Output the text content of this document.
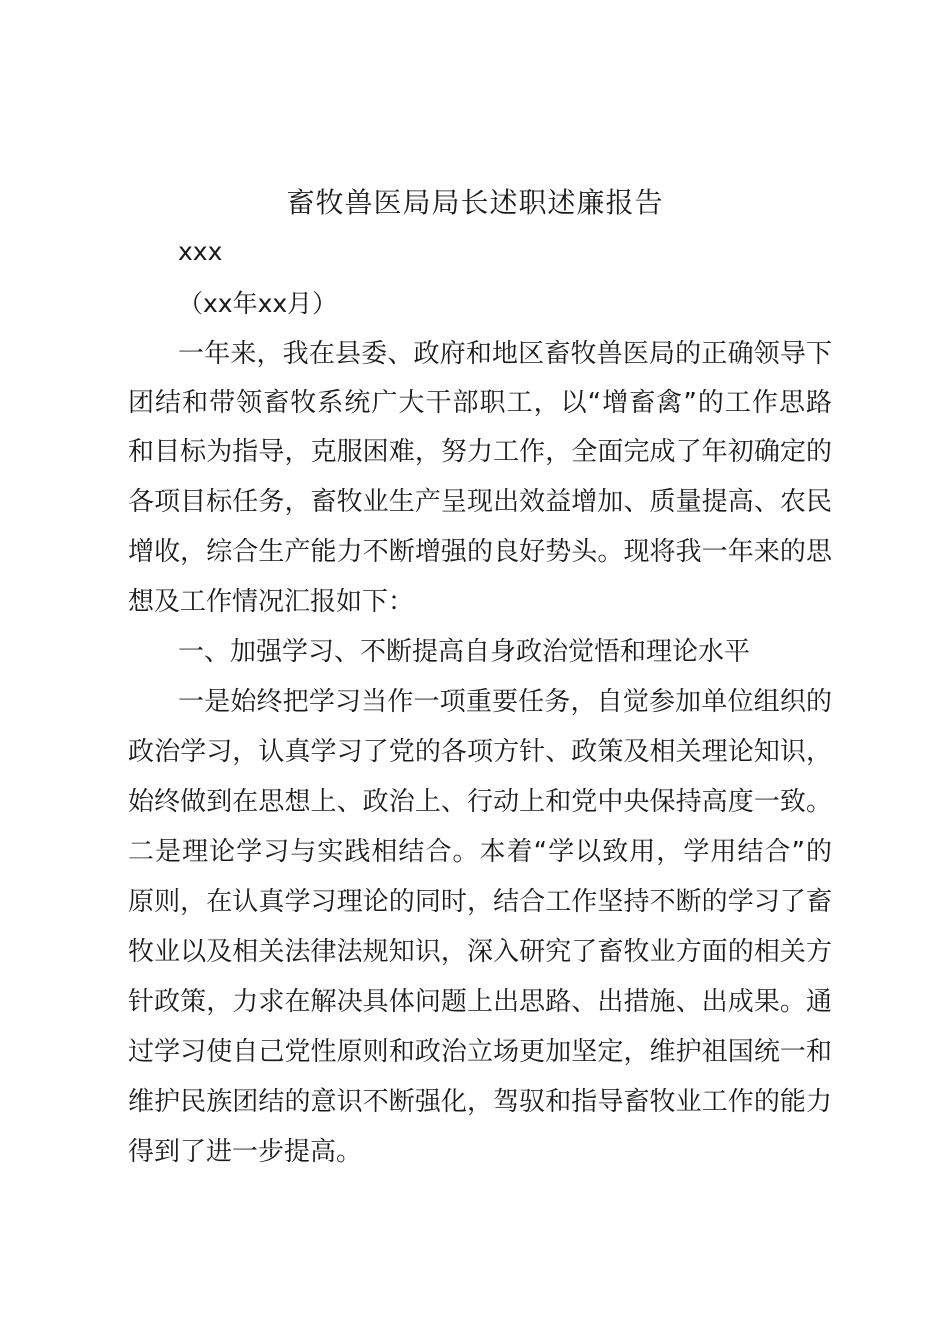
畜牧兽医局局长述职述廉报告
xxx
（xx年xx月）
一年来，我在县委、政府和地区畜牧兽医局的正确领导下
团结和带领畜牧系统广大干部职工，以“增畜禽”的工作思路
和目标为指导，克服困难，努力工作，全面完成了年初确定的
各项目标任务，畜牧业生产呈现出效益增加、质量提高、农民
增收，综合生产能力不断增强的良好势头。现将我一年来的思
想及工作情况汇报如下：
一、加强学习、不断提高自身政治觉悟和理论水平
一是始终把学习当作一项重要任务，自觉参加单位组织的
政治学习，认真学习了党的各项方针、政策及相关理论知识，
始终做到在思想上、政治上、行动上和党中央保持高度一致。
二是理论学习与实践相结合。本着“学以致用，学用结合”的
原则，在认真学习理论的同时，结合工作坚持不断的学习了畜
牧业以及相关法律法规知识，深入研究了畜牧业方面的相关方
针政策，力求在解决具体问题上出思路、出措施、出成果。通
过学习使自己党性原则和政治立场更加坚定，维护祖国统一和
维护民族团结的意识不断强化，驾驭和指导畜牧业工作的能力
得到了进一步提高。
